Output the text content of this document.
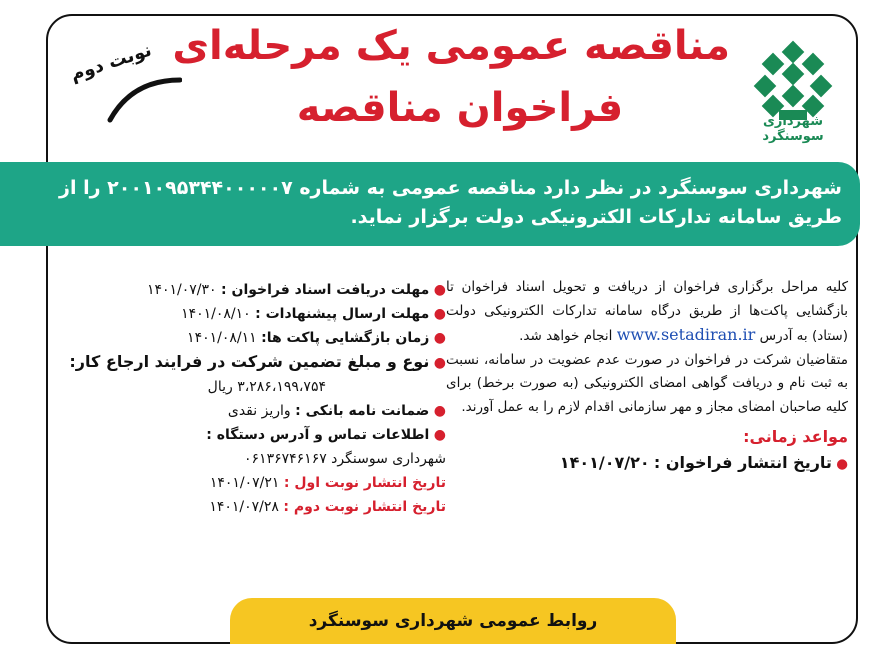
شهرداری سوسنگرد
مناقصه عمومی یک مرحله‌ای
فراخوان مناقصه
نوبت دوم

شهرداری سوسنگرد در نظر دارد مناقصه عمومی به شماره ۲۰۰۱۰۹۵۳۴۴۰۰۰۰۰۷ را از

طریق سامانه تدارکات الکترونیکی دولت برگزار نماید.

کلیه مراحل برگزاری فراخوان از دریافت و تحویل اسناد فراخوان تا بازگشایی پاکت‌ها از طریق درگاه سامانه تدارکات الکترونیکی دولت (ستاد) به آدرس www.setadiran.ir انجام خواهد شد.

متقاضیان شرکت در فراخوان در صورت عدم عضویت در سامانه، نسبت به ثبت نام و دریافت گواهی امضای الکترونیکی (به صورت برخط) برای کلیه صاحبان امضای مجاز و مهر سازمانی اقدام لازم را به عمل آورند.

مواعد زمانی:
● تاریخ انتشار فراخوان : ۱۴۰۱/۰۷/۲۰
● مهلت دریافت اسناد فراخوان : ۱۴۰۱/۰۷/۳۰
● مهلت ارسال پیشنهادات : ۱۴۰۱/۰۸/۱۰
● زمان بازگشایی پاکت ها: ۱۴۰۱/۰۸/۱۱
● نوع و مبلغ تضمین شرکت در فرایند ارجاع کار:
۳،۲۸۶،۱۹۹،۷۵۴ ریال
● ضمانت نامه بانکی : واریز نقدی
● اطلاعات تماس و آدرس دستگاه :
شهرداری سوسنگرد ۰۶۱۳۶۷۴۶۱۶۷
تاریخ انتشار نوبت اول : ۱۴۰۱/۰۷/۲۱
تاریخ انتشار نوبت دوم : ۱۴۰۱/۰۷/۲۸
روابط عمومی شهرداری سوسنگرد
